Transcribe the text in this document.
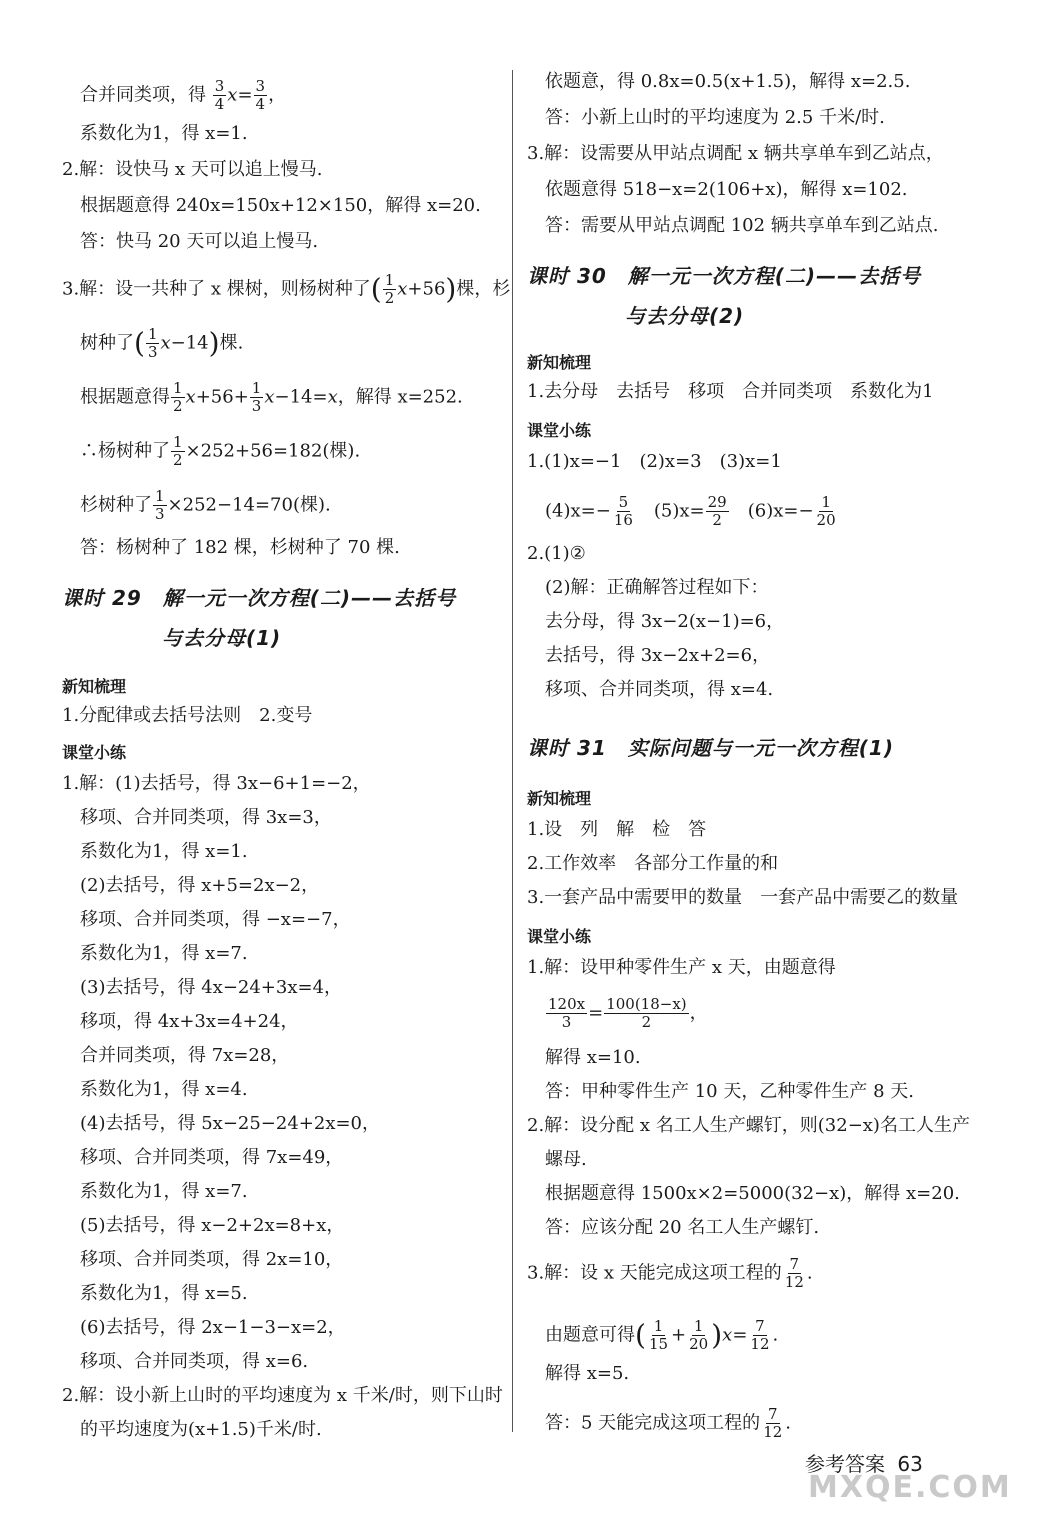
合并同类项，得 $\frac{3}{4} x= \frac{3}{4}$ ，
系数化为1，得 x=1.
2.解：设快马 x 天可以追上慢马.
根据题意得 240x=150x+12×150，解得 x=20.
答：快马 20 天可以追上慢马.
3.解：设一共种了 x 棵树，则杨树种了( $\frac{1}{2} x+56$)棵，杉
树种了( $\frac{1}{3} x-14$)棵.
根据题意得 $\frac{1}{2} x+56+ \frac{1}{3} x-14=x$，解得 x=252.
∴杨树种了 $\frac{1}{2} \times 252+56=182$(棵).
杉树种了 $\frac{1}{3} \times 252-14=70$(棵).
答：杨树种了 182 棵，杉树种了 70 棵.
课时 29　解一元一次方程(二)——去括号
与去分母(1)
新知梳理
1.分配律或去括号法则　2.变号
课堂小练
1.解：(1)去括号，得 3x−6+1=−2，
移项、合并同类项，得 3x=3，
系数化为1，得 x=1.
(2)去括号，得 x+5=2x−2，
移项、合并同类项，得 −x=−7，
系数化为1，得 x=7.
(3)去括号，得 4x−24+3x=4，
移项，得 4x+3x=4+24，
合并同类项，得 7x=28，
系数化为1，得 x=4.
(4)去括号，得 5x−25−24+2x=0，
移项、合并同类项，得 7x=49，
系数化为1，得 x=7.
(5)去括号，得 x−2+2x=8+x，
移项、合并同类项，得 2x=10，
系数化为1，得 x=5.
(6)去括号，得 2x−1−3−x=2，
移项、合并同类项，得 x=6.
2.解：设小新上山时的平均速度为 x 千米/时，则下山时
的平均速度为(x+1.5)千米/时.
依题意，得 0.8x=0.5(x+1.5)，解得 x=2.5.
答：小新上山时的平均速度为 2.5 千米/时.
3.解：设需要从甲站点调配 x 辆共享单车到乙站点，
依题意得 518−x=2(106+x)，解得 x=102.
答：需要从甲站点调配 102 辆共享单车到乙站点.
课时 30　解一元一次方程(二)——去括号
与去分母(2)
新知梳理
1.去分母　去括号　移项　合并同类项　系数化为1
课堂小练
1.(1)x=−1　(2)x=3　(3)x=1
$(4)x=- \frac{5}{16}$ 　$(5)x= \frac{29}{2}$ 　$(6)x=- \frac{1}{20}$
2.(1)②
(2)解：正确解答过程如下：
去分母，得 3x−2(x−1)=6，
去括号，得 3x−2x+2=6，
移项、合并同类项，得 x=4.
课时 31　实际问题与一元一次方程(1)
新知梳理
1.设　列　解　检　答
2.工作效率　各部分工作量的和
3.一套产品中需要甲的数量　一套产品中需要乙的数量
课堂小练
1.解：设甲种零件生产 x 天，由题意得
$\frac{120x}{3} = \frac{100(18-x)}{2}$ ，
解得 x=10.
答：甲种零件生产 10 天，乙种零件生产 8 天.
2.解：设分配 x 名工人生产螺钉，则(32−x)名工人生产
螺母.
根据题意得 1500x×2=5000(32−x)，解得 x=20.
答：应该分配 20 名工人生产螺钉.
3.解：设 x 天能完成这项工程的 $\frac{7}{12}$ .
由题意可得( $\frac{1}{15} + \frac{1}{20} )x= \frac{7}{12}$ .
解得 x=5.
答：5 天能完成这项工程的 $\frac{7}{12}$ .
参考答案 63
MXQE.COM
